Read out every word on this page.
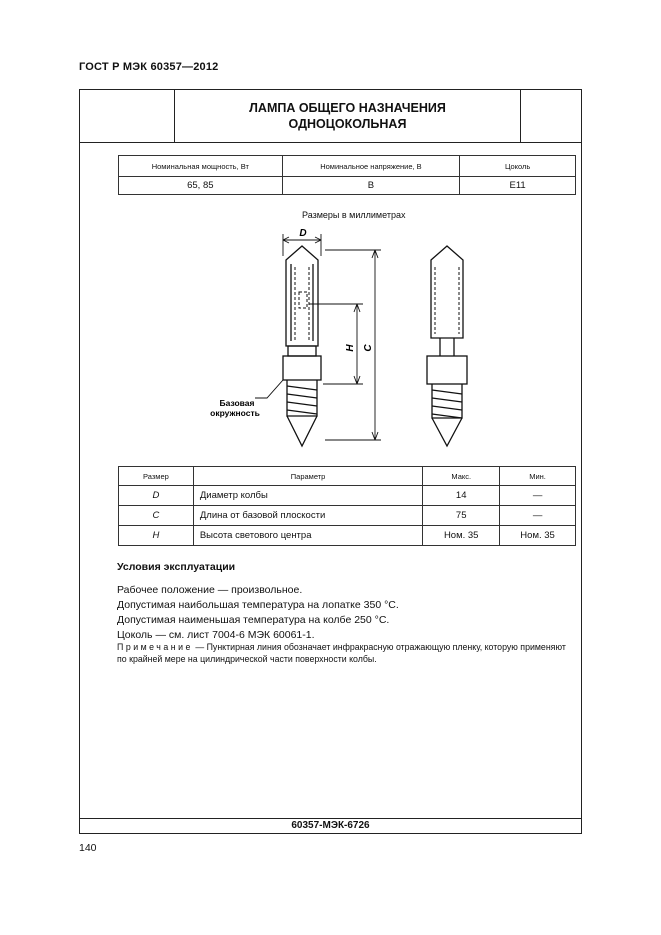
ГОСТ Р МЭК 60357—2012
ЛАМПА ОБЩЕГО НАЗНАЧЕНИЯ
ОДНОЦОКОЛЬНАЯ
60357-МЭК-6726
Номинальная мощность, Вт	Номинальное напряжение, В	Цоколь
65, 85	В	E11
Размеры в миллиметрах
D
H C
Базовая
окружность
Размер	Параметр	Макс.	Мин.
D	Диаметр колбы	14	—
C	Длина от базовой плоскости	75	—
H	Высота светового центра	Ном. 35	Ном. 35
Условия эксплуатации
Рабочее положение — произвольное.
Допустимая наибольшая температура на лопатке 350 °С.
Допустимая наименьшая температура на колбе 250 °С.
Цоколь — см. лист 7004-6 МЭК 60061-1.
Примечание — Пунктирная линия обозначает инфракрасную отражающую пленку, которую применяют по крайней мере на цилиндрической части поверхности колбы.
140
